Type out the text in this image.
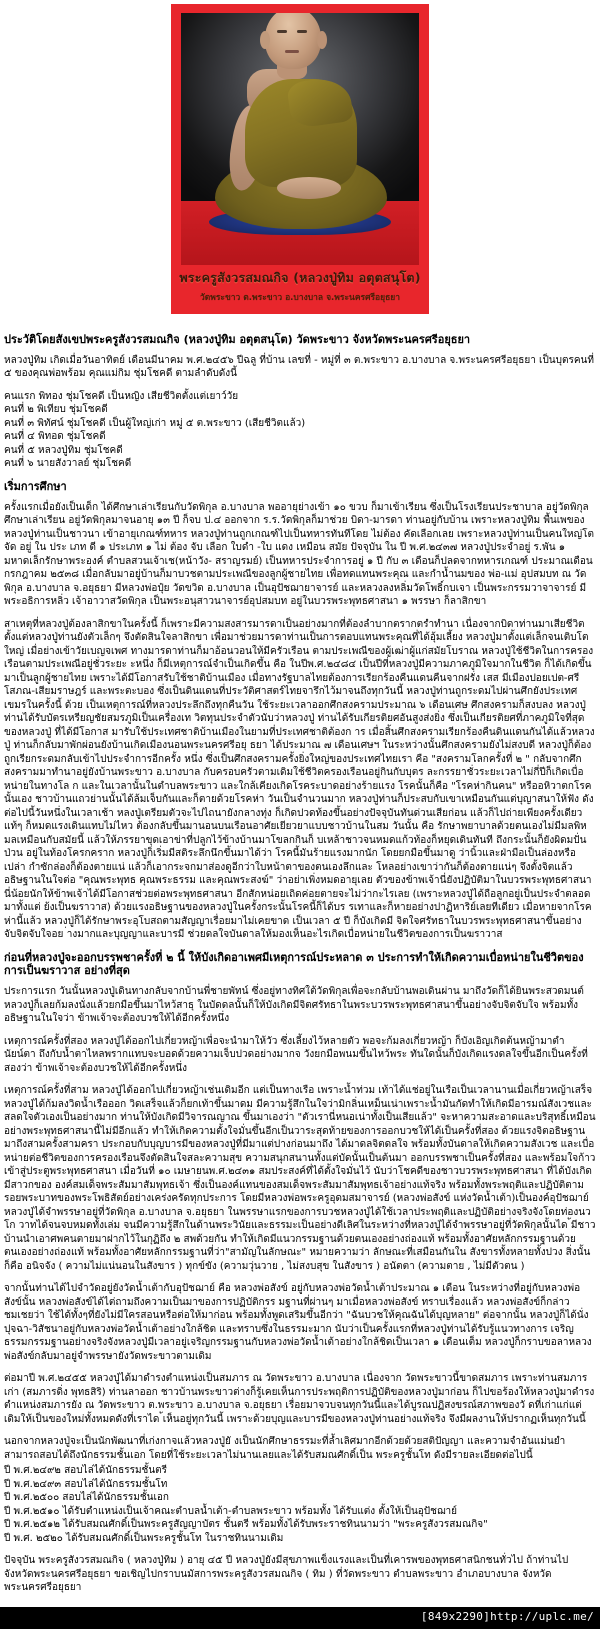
พระครูสังวรสมณกิจ (หลวงปู่ทิม อตุตสนุโต)
วัดพระขาว ต.พระขาว อ.บางบาล จ.พระนครศรีอยุธยา
ประวัติโดยสังเขปพระครูสังวรสมณกิจ (หลวงปู่ทิม อตุตสนุโต) วัดพระขาว จังหวัดพระนครศรีอยุธยา

หลวงปู่ทิม เกิดเมื่อวันอาทิตย์ เดือนมีนาคม พ.ศ.๒๔๕๖ ปีฉลู ที่บ้าน เลขที่ - หมู่ที่ ๓ ต.พระขาว อ.บางบาล จ.พระนครศรีอยุธยา เป็นบุตรคนที่ ๕ ของคุณพ่อพร้อม คุณแม่กิม ชุ่มโชคดี ตามลำดับดังนี้

คนแรก พิทอง ชุ่มโชคดี เป็นหญิง เสียชีวิตตั้งแต่เยาว์วัย
คนที่ ๒ พิเทียบ ชุ่มโชคดี
คนที่ ๓ พิทัศน์ ชุ่มโชคดี เป็นผู้ใหญ่เก่า หมู่ ๕ ต.พระขาว (เสียชีวิตแล้ว)
คนที่ ๔ พิทอด ชุ่มโชคดี
คนที่ ๕ หลวงปู่ทิม ชุ่มโชคดี
คนที่ ๖ นายสังวาลย์ ชุ่มโชคดี
เริ่มการศึกษา

ครั้งแรกเมื่อยังเป็นเด็ก ได้ศึกษาเล่าเรียนกับวัดพิกุล อ.บางบาล พออายุย่างเข้า ๑๐ ขวบ ก็มาเข้าเรียน ซึ่งเป็นโรงเรียนประชาบาล อยู่วัดพิกุล ศึกษาเล่าเรียน อยู่วัดพิกุลมาจนอายุ ๑๓ ปี ก็จบ ป.๔ ออกจาก ร.ร.วัดพิกุลก็มาช่วย บิดา-มารดา ท่านอยู่กับบ้าน เพราะหลวงปู่ทิม พื้นเพของหลวงปู่ท่านเป็นชาวนา เข้าอายุเกณฑ์ทหาร หลวงปู่ท่านถูกเกณฑ์ไปเป็นทหารทันทีโดย ไม่ต้อง คัดเลือกเลย เพราะหลวงปู่ท่านเป็นคนใหญ่โตจัด อยู่ ใน ประ เภท ดี ๑ ประเภท ๑ ไม่ ต้อง จับ เลือก ใบดำ -ใบ แดง เหมือน สมัย ปัจจุบัน ใน ปี พ.ศ.๒๔๓๗ หลวงปู่ประจำอยู่ ร.พัน ๑ มหาดเล็กรักษาพระองค์ ตำบลสวนเจ้าเช(หน้าวัง- สราญรมย์) เป็นทหารประจำการอยู่ ๑ ปี กับ ๓ เดือนก็ปลดจากทหารเกณฑ์ ประมาณเดือนกรกฎาคม ๒๕๓๘ เมื่อกลับมาอยู่บ้านก็มาบวชตามประเพณีของลูกผู้ชายไทย เพื่อทดแทนพระคุณ และกำน้ำนมของ พ่อ-แม่ อุปสมบท ณ วัดพิกุล อ.บางบาล จ.อยุธยา มีหลวงพ่อปุ๋ย วัดขวิด อ.บางบาล เป็นอุปัชฌายาจารย์ และหลวงลงหลิ่มวัดโพธิ์กบเจา เป็นพระกรรมวาจาจารย์ มีพระอธิการหลิ่ว เจ้าอาวาสวัดพิกุล เป็นพระอนุสาวนาจารย์อุปสมบท อยู่ในบวรพระพุทธศาสนา ๑ พรรษา ก็ลาสิกขา

สาเหตุที่หลวงปู่ต้องลาสิกขาในครั้งนี้ ก็เพราะมีความสงสารมารดาเป็นอย่างมากที่ต้องลำบากตรากตรำทำนา เนื่องจากบิดาท่านมาเสียชีวิตตั้งแต่หลวงปู่ท่านยังตัวเล็กๆ จึงตัดสินใจลาสิกขา เพื่อมาช่วยมารดาท่านเป็นการตอบแทนพระคุณที่ได้อุ้มเลี้ยง หลวงปู่มาตั้งแต่เล็กจนเติบโตใหญ่ เมื่อย่างเข้าวัยเบญจเพศ ทางมารดาท่านก็มาอ้อนวอนให้มีครัวเรือน ตามประเพณีของผู้เฒ่าผู้แก่สมัยโบราณ หลวงปู่ใช้ชีวิตในการครองเรือนตามประเพณีอยู่ชั่วระยะ ะหนึ่ง ก็มีเหตุการณ์จำเป็นเกิดขึ้น คือ ในปีพ.ศ.๒๔๘๔ เป็นปีที่หลวงปู่มีความภาคภูมิใจมากในชีวิต ก็ได้เกิดขึ้นมาเป็นลูกผู้ชายไทย เพราะได้มีโอกาสรับใช้ชาติบ้านเมือง เมื่อทางรัฐบาลไทยต้องการเรียกร้องคืนแดนคืนจากฝรั่ง เสส มีเมืองปอยเปต-ศรีโสภณ-เสียมราษฎร์ และพระตะบอง ซึ่งเป็นดินแดนที่ประวัติศาสตร์ไทยจารึกไว้มาจนถึงทุกวันนี้ หลวงปู่ท่านถูกระดมไปผ่านศึกยังประเทศเขมรในครั้งนี้ ด้วย เป็นเหตุการณ์ที่หลวงประลึกถึงทุกคืนวัน ใช้ระยะเวลาออกศึกสงครามประมาณ ๖ เดือนเศษ ศึกสงครามก็สงบลง หลวงปู่ท่านได้รับบัตรเหรียญชัยสมรภูมิเป็นเครื่องเท วิตทุนประจำตัวนับว่าหลวงปู่ ท่านได้รับเกียรติยศอันสูงส่งยิ่ง ซึ่งเป็นเกียรติยศที่ภาคภูมิใจที่สุดของหลวงปู่ ที่ได้มีโอกาส มารับใช้ประเทศชาติบ้านเมืองในยามที่ประเทศชาติต้องก าร เมื่อสิ้นศึกสงครามเรียกร้องคืนดินแดนกันได้แล้วหลวงปู่ ท่านก็กลับมาพักผ่อนยังบ้านเกิดเมืองนอนพระนครศรีอยุ ธยา ได้ประมาณ ๗ เดือนเศษฯ ในระหว่างนั้นศึกสงครามยังไม่สงบดี หลวงปู่ก็ต้องถูกเรียกระดมกลับเข้าไปประจำการอีกครั้ง หนึ่ง ซึ่งเป็นศึกสงครามครั้งยิ่งใหญ่ของประเทศไทยเรา คือ "สงครามโลกครั้งที่ ๒ " กลับจากศึกสงครามมาทำนาอยู่ยังบ้านพระขาว อ.บางบาล กับครอบครัวตามเดิมใช้ชีวิตครองเรือนอยู่กินกับบุตร ละกรรยาชั่วระยะเวลาไม่กี่ปีก็เกิดเบื่อหน่ายในทางโล ก และในเวลานั้นในตำบลพระขาว และใกล้เคียงเกิดโรคระบาดอย่างร้ายแรง โรคนั้นก็คือ "โรคห่ากินคน" หรืออหิวาตกโรคนั้นเอง ชาวบ้านแถวย่านนั้นได้ล้มเจ็บกันและก็ตายด้วยโรคห่า วันเป็นจำนวนมาก หลวงปู่ท่านก็ประสบกับเขาเหมือนกันแต่บุญาสนาให้ฟัง ดังต่อไปนี้วันหนึ่งในเวลาเช้า หลงปู่เตรียมตัวจะไปไถนายังกลางทุ่ง ก็เกิดปวดท้องขึ้นอย่างปัจจุบันทันด่วนเสียก่อน แล้วก็ไปถ่ายเพียงครั้งเดียวแท้ๆ ก็หมดแรงเดินแทบไม่ไหว ต้องกลับขึ้นมานอนบนเรือนอาศัยเยียวยาแบบชาวบ้านในสม วันนั้น คือ รักษาพยาบาลด้วยตนเองไม่มีมลพิหมลเหมือนกับสมัยนี้ แล้วให้ภรรยาขุดเอาข่าที่ปลูกไว้ข้างบ้านมาโขลกกินก็ บเหล้าชาวจนหมดแก้วท้องก็หยุดเดินทันที ถึงกระนั้นก็ยังผิดมปั่นป่วน อยู่ในท้องโครกคราก หลวงปู่ก็เริ่มมีสติระลึกนึกขึ้นมาได้ว่า โรคนี้มันร้ายแรงมากนัก โดยยกมือขึ้นมาดู ว่านิ้วและฝ่ามือเป็นล่องหรือเปล่า กำซักล่องก็ต้องตายแน่ แล้วก็เอากระจกมาส่องดูอีกว่าใบหน้าตาของตนเองลึกและ โหลอย่างเขาว่ากันก็ต้องตายแน่ๆ จึงตั้งจิตแล้วอธิษฐานในใจต่อ "คุณพระพุทธ คุณพระธรรม และคุณพระสงฆ์" ว่าอย่าเพิ่งหมดอายุเลย ตัวของข้าพเจ้านี่ยังปฏิบัติมาในบวรพระพุทธศาสนา นี่น้อยนักให้ข้าพเจ้าได้มีโอกาสช่วยต่อพระพุทธศาสนา อีกสักหน่อยเถิดค่อยตายจะไม่ว่ากะไรเลย (เพราะหลวงปู่ได้ถือลูกอยู่เป็นประจำตลอดมาทั้งแต่ ย้งเป็นฆราวาส) ด้วยแรงอธิษฐานของหลวงปู่ในครั้งกระนั้นโรคนี้ก็ได้บร รเทาและก็หายอย่างปาฏิหาริย์เลยทีเดียว เมื่อหายจากโรคห่านี้แล้ว หลวงปู่ก็ได้รักษาพระอุโบสถตามสัญญาเรื่อยมาไม่เคยขาด เป็นเวลา ๕ ปี ก็บังเกิดมี จิตใจศรัทธาในบวรพระพุทธศาสนาขึ้นอย่างจับจิตจับใจอย ่างมากและบุญญาและบารมี ช่วยดลใจบันดาลให้มองเห็นอะไรเกิดเบื่อหน่ายในชีวิตของการเป็นฆราวาส

ก่อนที่หลวงปู่จะออกบรรพชาครั้งที่ ๒ นี้ ให้บังเกิดอาเพศมีเหตุการณ์ประหลาด ๓ ประการทำให้เกิดความเบื่อหน่ายในชีวิตของการเป็นฆราวาส อย่างที่สุด

ประการแรก วันนั้นหลวงปู่เดินทางกลับจากบ้านพี่ชายพัทน์ ซึ่งอยู่ทางทิศใต้วัดพิกุลเพื่อจะกลับบ้านพอเดินผ่าน มาถึงวัดก็ได้ยินพระสวดมนต์ หลวงปู่ก็เลยก้มลงนั่งแล้วยกมือขึ้นมาไหว้สาธุ ในบัดดลนั้นก็ให้บังเกิดมีจิตศรัทธาในพระบวรพระพุทธศาสนาขึ้นอย่างจับจิตจับใจ พร้อมทั้งอธิษฐานในใจว่า ข้าพเจ้าจะต้องบวชให้ได้อีกครั้งหนึ่ง

เหตุการณ์ครั้งที่สอง หลวงปู่ได้ออกไปเกี่ยวหญ้าเพื่อจะนำมาให้วัว ซึ่งเลี้ยงไว้หลายตัว พอจะก้มลงเกี่ยวหญ้า ก็บังเอิญเกิดต้นหญ้ามาตำนัยน์ตา ถึงกับน้ำตาไหลพรากแทบจะบอดด้วยความเจ็บปวดอย่างมากจ วังยกมือพนมขึ้นไหว้พระ ทันใดนั้นก็บังเกิดแรงดลใจขึ้นอีกเป็นครั้งที่สองว่า ข้าพเจ้าจะต้องบวชให้ได้อีกครั้งหนึ่ง

เหตุการณ์ครั้งที่สาม หลวงปู่ได้ออกไปเกี่ยวหญ้าเช่นเดิมอีก แต่เป็นทางเรือ เพราะน้ำท่วม เท้าได้แช่อยู่ในเรือเป็นเวลานานเมื่อเกี่ยวหญ้าเสร็จ หลวงปู่ได้ก้มลงวิดน้ำเรือออก วิดเสร็จแล้วก็ยกเท้าขึ้นมาดม มีความรู้สึกในใจว่ามิกลิ่นเหม็นเน่าเพราะน้ำมันกัดทำให้เกิดมีอารมณ์สังเวชและสลดใจตัวเองเป็นอย่างมาก ท่านให้บังเกิดมีวิจารณญาณ ขึ้นมาเองว่า "ตัวเรานี่หนอเน่าทั้งเป็นเสียแล้ว" จะหาความสะอาดและบริสุทธิ์เหมือนอย่างพระพุทธศาสนานี้ไม่มีอีกแล้ว ทำให้เกิดความตั้งใจมั่นขึ้นอีกเป็นวาระสุดท้ายของการออกบวชให้ได้เป็นครั้งที่สอง ด้วยแรงจิตอธิษฐานมาถึงสามครั้งสามครา ประกอบกับบุญบารมีของหลวงปู่ที่มีมาแต่ปางก่อนมาถึง ได้มาดลจิตดลใจ พร้อมทั้งบันดาลให้เกิดความสังเวช และเบื่อหน่ายต่อชีวิตของการครองเรือนจึงตัดสินใจสละความสุข ความสนุกสนานทั้งแต่บัดนั้นเป็นต้นมา ออกบรรพชาเป็นครั้งที่สอง และพร้อมใจก้าวเข้าสู่ประตูพระพุทธศาสนา เมื่อวันที่ ๑๐ เมษายนพ.ศ.๒๔๓๑ สมประสงค์ที่ได้ตั้งใจมั่นไว้ นับว่าโชคดีของชาวบวรพระพุทธศาสนา ที่ได้บังเกิดมีสาวกของ องค์สมเด็จพระสัมมาสัมพุทธเจ้า ซึ่งเป็นองค์แทนของสมเด็จพระสัมมาสัมพุทธเจ้าอย่างแท้จริง พร้อมทั้งพระพฤติและปฏิบัติตามรอยพระบาทของพระโพธิสัตย์อย่างเคร่งครัดทุกประการ โดยมีหลวงพ่อพระครูอุดมสมาจารย์ (หลวงพ่อสังข์ แห่งวัดน้ำเต้า)เป็นองค์อุปัชฌาย์ หลวงปู่ได้จำพรรษาอยู่ที่วัดพิกุล อ.บางบาล จ.อยุธยา ในพรรษาแรกของการบวชหลวงปู่ได้ใช้เวลาประพฤติและปฏิบัติอย่างจริงจังโดยท่องนวโก วาทได้จนจบหมดทั้งเล่ม จนมีความรู้สึกในด้านพระวินัยและธรรมะเป็นอย่างดีเลิศในระหว่างที่หลวงปู่ได้จำพรรษาอยู่ที่วัดพิกุลนั้นได ้มีชาวบ้านนำเอาศพคนตายมาฝากไว้ในกุฏิถึง ๒ สพด้วยกัน ทำให้เกิดมีแนวกรรมฐานด้วยตนเองอย่างถ่องแท้ พร้อมทั้งอาศัยหลักกรรมฐานด้วยตนเองอย่างถ่องแท้ พร้อมทั้งอาศัยหลักกรรมฐานที่ว่า"สามัญในลักษณะ" หมายความว่า ลักษณะที่เสมือนกันใน สังขารทั้งหลายทั้งปวง สิ่งนั้นก็คือ อนิจจัง ( ความไม่แน่นอนในสังขาร ) ทุกข์ขัง (ความวุ่นวาย , ไม่สงบสุข ในสังขาร ) อนัตตา (ความตาย , ไม่มีตัวตน )

จากนั้นท่านได้ไปจำวัดอยู่ยังวัดน้ำเต้ากับอุปัชฌาย์ คือ หลวงพ่อสังข์ อยู่กับหลวงพ่อวัดน้ำเต้าประมาณ ๑ เดือน ในระหว่างที่อยู่กับหลวงพ่อสังข์นั้น หลวงพ่อสังข์ได้ไต่ถามถึงความเป็นมาของการปฏิบัติกรร มฐานที่ผ่านๆ มาเมื่อหลวงพ่อสังข์ ทราบเรื่องแล้ว หลวงพ่อสังข์ก็กล่าวชมเชยว่า ใช้ได้ทั้งๆที่ยังไม่มีใครสอนหรือต่อให้มาก่อน พร้อมทั้งพูดเสริมขึ้นอีกว่า "ฉันบวชให้คุณฉันได้บุญหลาย" ต่อจากนั้น หลวงปู่ก็ได้นั่งปุจฉา-วิสัชนาอยู่กับหลวงพ่อวัดน้ำเต้าอย่างใกล้ชิด และทราบซึ่งในธรรมะมาก นับว่าเป็นครั้งแรกที่หลวงปู่ท่านได้รับรู้แนวทางการ เจริญธรรมกรรมฐานอย่างจริงจังหลวงปู่มีเวลาอยู่เจริญกรรมฐานกับหลวงพ่อวัดน้ำเต้าอย่างใกล้ชิดเป็นเวลา ๑ เดือนเต็ม หลวงปู่ก็กราบขอลาหลวงพ่อสังข์กลับมาอยู่จำพรรษายังวัดพระขาวตามเดิม

ต่อมาปี พ.ศ.๒๔๕๕ หลวงปู่ได้มาดำรงตำแหน่งเป็นสมภาร ณ วัดพระขาว อ.บางบาล เนื่องจาก วัดพระขาวนี้ขาดสมภาร เพราะท่านสมภารเก่า (สมภารดิ่ง พุทธสิริ) ท่านลาออก ชาวบ้านพระขาวต่างก็รู้เคยเห็นการประพฤติการปฏิบัติของหลวงปู่มาก่อน ก็ไปขอร้องให้หลวงปู่มาดำรงตำแหน่งสมภารยัง ณ วัดพระขาว ต.พระขาว อ.บางบาล จ.อยุธยา เรื่อยมาจวบจนทุกวันนี้และได้บูรณปฏิสงขรณ์สภาพของวั ดที่เก่าแก่แต่เดิมให้เป็นของใหม่ทั้งหมดดังที่เราได ้เห็นอยู่ทุกวันนี้ เพราะด้วยบุญและบารมีของหลวงปู่ท่านอย่างแท้จริง จึงมีผลงานให้ปรากฏเห็นทุกวันนี้

นอกจากหลวงปู่จะเป็นนักพัฒนาที่เก่งกาจแล้วหลวงปู่ยั งเป็นนักศึกษาธรรมะที่ล้ำเลิศมากอีกด้วยด้วยสติปัญญา และความจำอันแม่นยำสามารถสอบได้ถึงนักธรรมชั้นเอก โดยที่ใช้ระยะเวลาไม่นานเลยและได้รับสมณศักดิ์เป็น พระครูชั้นโท ดังมีรายละเอียดต่อไปนี้

ปี พ.ศ.๒๔๙๒ สอบไล่ได้นักธรรมชั้นตรี
ปี พ.ศ.๒๔๙๓ สอบไล่ได้นักธรรมชั้นโท
ปี พ.ศ.๒๕๐๐ สอบไล่ได้นักธรรมชั้นเอก
ปี พ.ศ.๒๕๑๐ ได้รับตำแหน่งเป็นเจ้าคณะตำบลน้ำเต้า-ตำบลพระขาว พร้อมทั้ง ได้รับแต่ง ตั้งให้เป็นอุปัชฌาย์
ปี พ.ศ.๒๕๑๒ ได้รับสมณศักดิ์เป็นพระครูสัญญาบัตร ชั้นตรี พร้อมทั้งได้รับพระราชทินนามว่า "พระครูสังวรสมณกิจ"
ปี พ.ศ. ๒๕๒๐ ได้รับสมณศักดิ์เป็นพระครูชั้นโท ในราชทินนามเดิม

ปัจจุบัน พระครูสังวรสมณกิจ ( หลวงปู่ทิม ) อายุ ๔๕ ปี หลวงปู่ยังมีสุขภาพแข็งแรงและเป็นที่เคารพของพุทธศาสนิกชนทั่วไป ถ้าท่านไปจังหวัดพระนครศรีอยุธยา ขอเชิญไปกราบนมัสการพระครูสังวรสมณกิจ ( ทิม ) ที่วัดพระขาว ตำบลพระขาว อำเภอบางบาล จังหวัดพระนครศรีอยุธยา

[849x2290]http://uplc.me/
